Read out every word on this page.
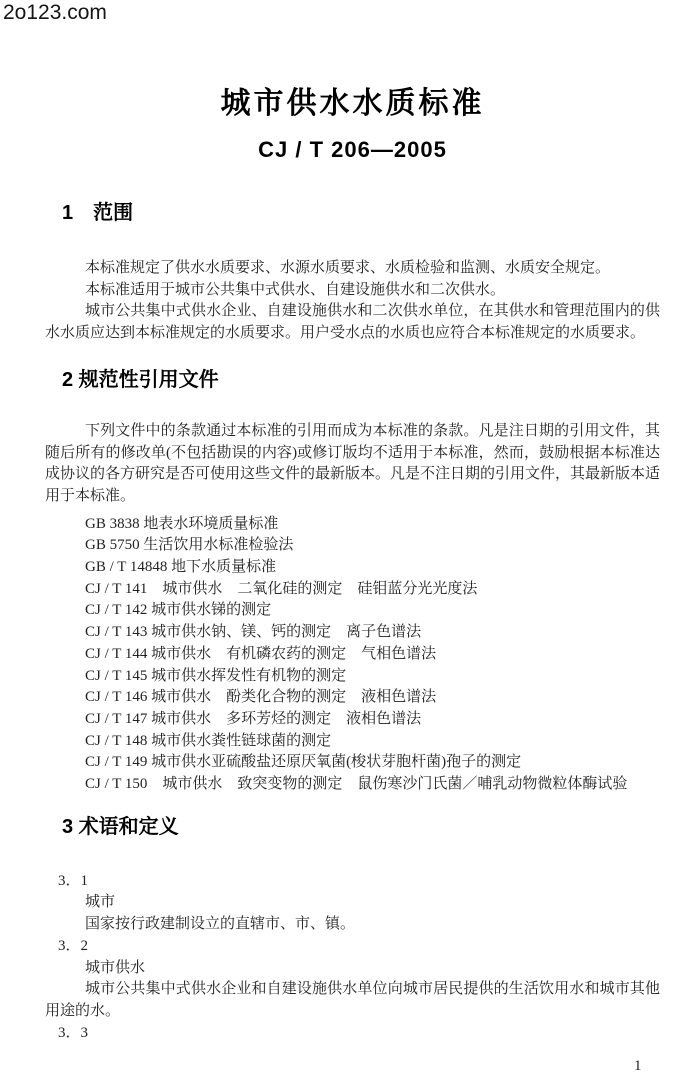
2o123.com
城市供水水质标准
CJ / T 206—2005
1　范围

本标准规定了供水水质要求、水源水质要求、水质检验和监测、水质安全规定。

本标准适用于城市公共集中式供水、自建设施供水和二次供水。

城市公共集中式供水企业、自建设施供水和二次供水单位，在其供水和管理范围内的供水水质应达到本标准规定的水质要求。用户受水点的水质也应符合本标准规定的水质要求。

2 规范性引用文件

下列文件中的条款通过本标准的引用而成为本标准的条款。凡是注日期的引用文件，其随后所有的修改单(不包括勘误的内容)或修订版均不适用于本标准，然而，鼓励根据本标准达成协议的各方研究是否可使用这些文件的最新版本。凡是不注日期的引用文件，其最新版本适用于本标准。

GB 3838 地表水环境质量标准
GB 5750 生活饮用水标准检验法
GB / T 14848 地下水质量标准
CJ / T 141　城市供水　二氧化硅的测定　硅钼蓝分光光度法
CJ / T 142 城市供水锑的测定
CJ / T 143 城市供水钠、镁、钙的测定　离子色谱法
CJ / T 144 城市供水　有机磷农药的测定　气相色谱法
CJ / T 145 城市供水挥发性有机物的测定
CJ / T 146 城市供水　酚类化合物的测定　液相色谱法
CJ / T 147 城市供水　多环芳烃的测定　液相色谱法
CJ / T 148 城市供水粪性链球菌的测定
CJ / T 149 城市供水亚硫酸盐还原厌氧菌(梭状芽胞杆菌)孢子的测定
CJ / T 150　城市供水　致突变物的测定　鼠伤寒沙门氏菌／哺乳动物微粒体酶试验
3 术语和定义
3．1
城市

国家按行政建制设立的直辖市、市、镇。

3．2
城市供水

城市公共集中式供水企业和自建设施供水单位向城市居民提供的生活饮用水和城市其他用途的水。

3．3
1
